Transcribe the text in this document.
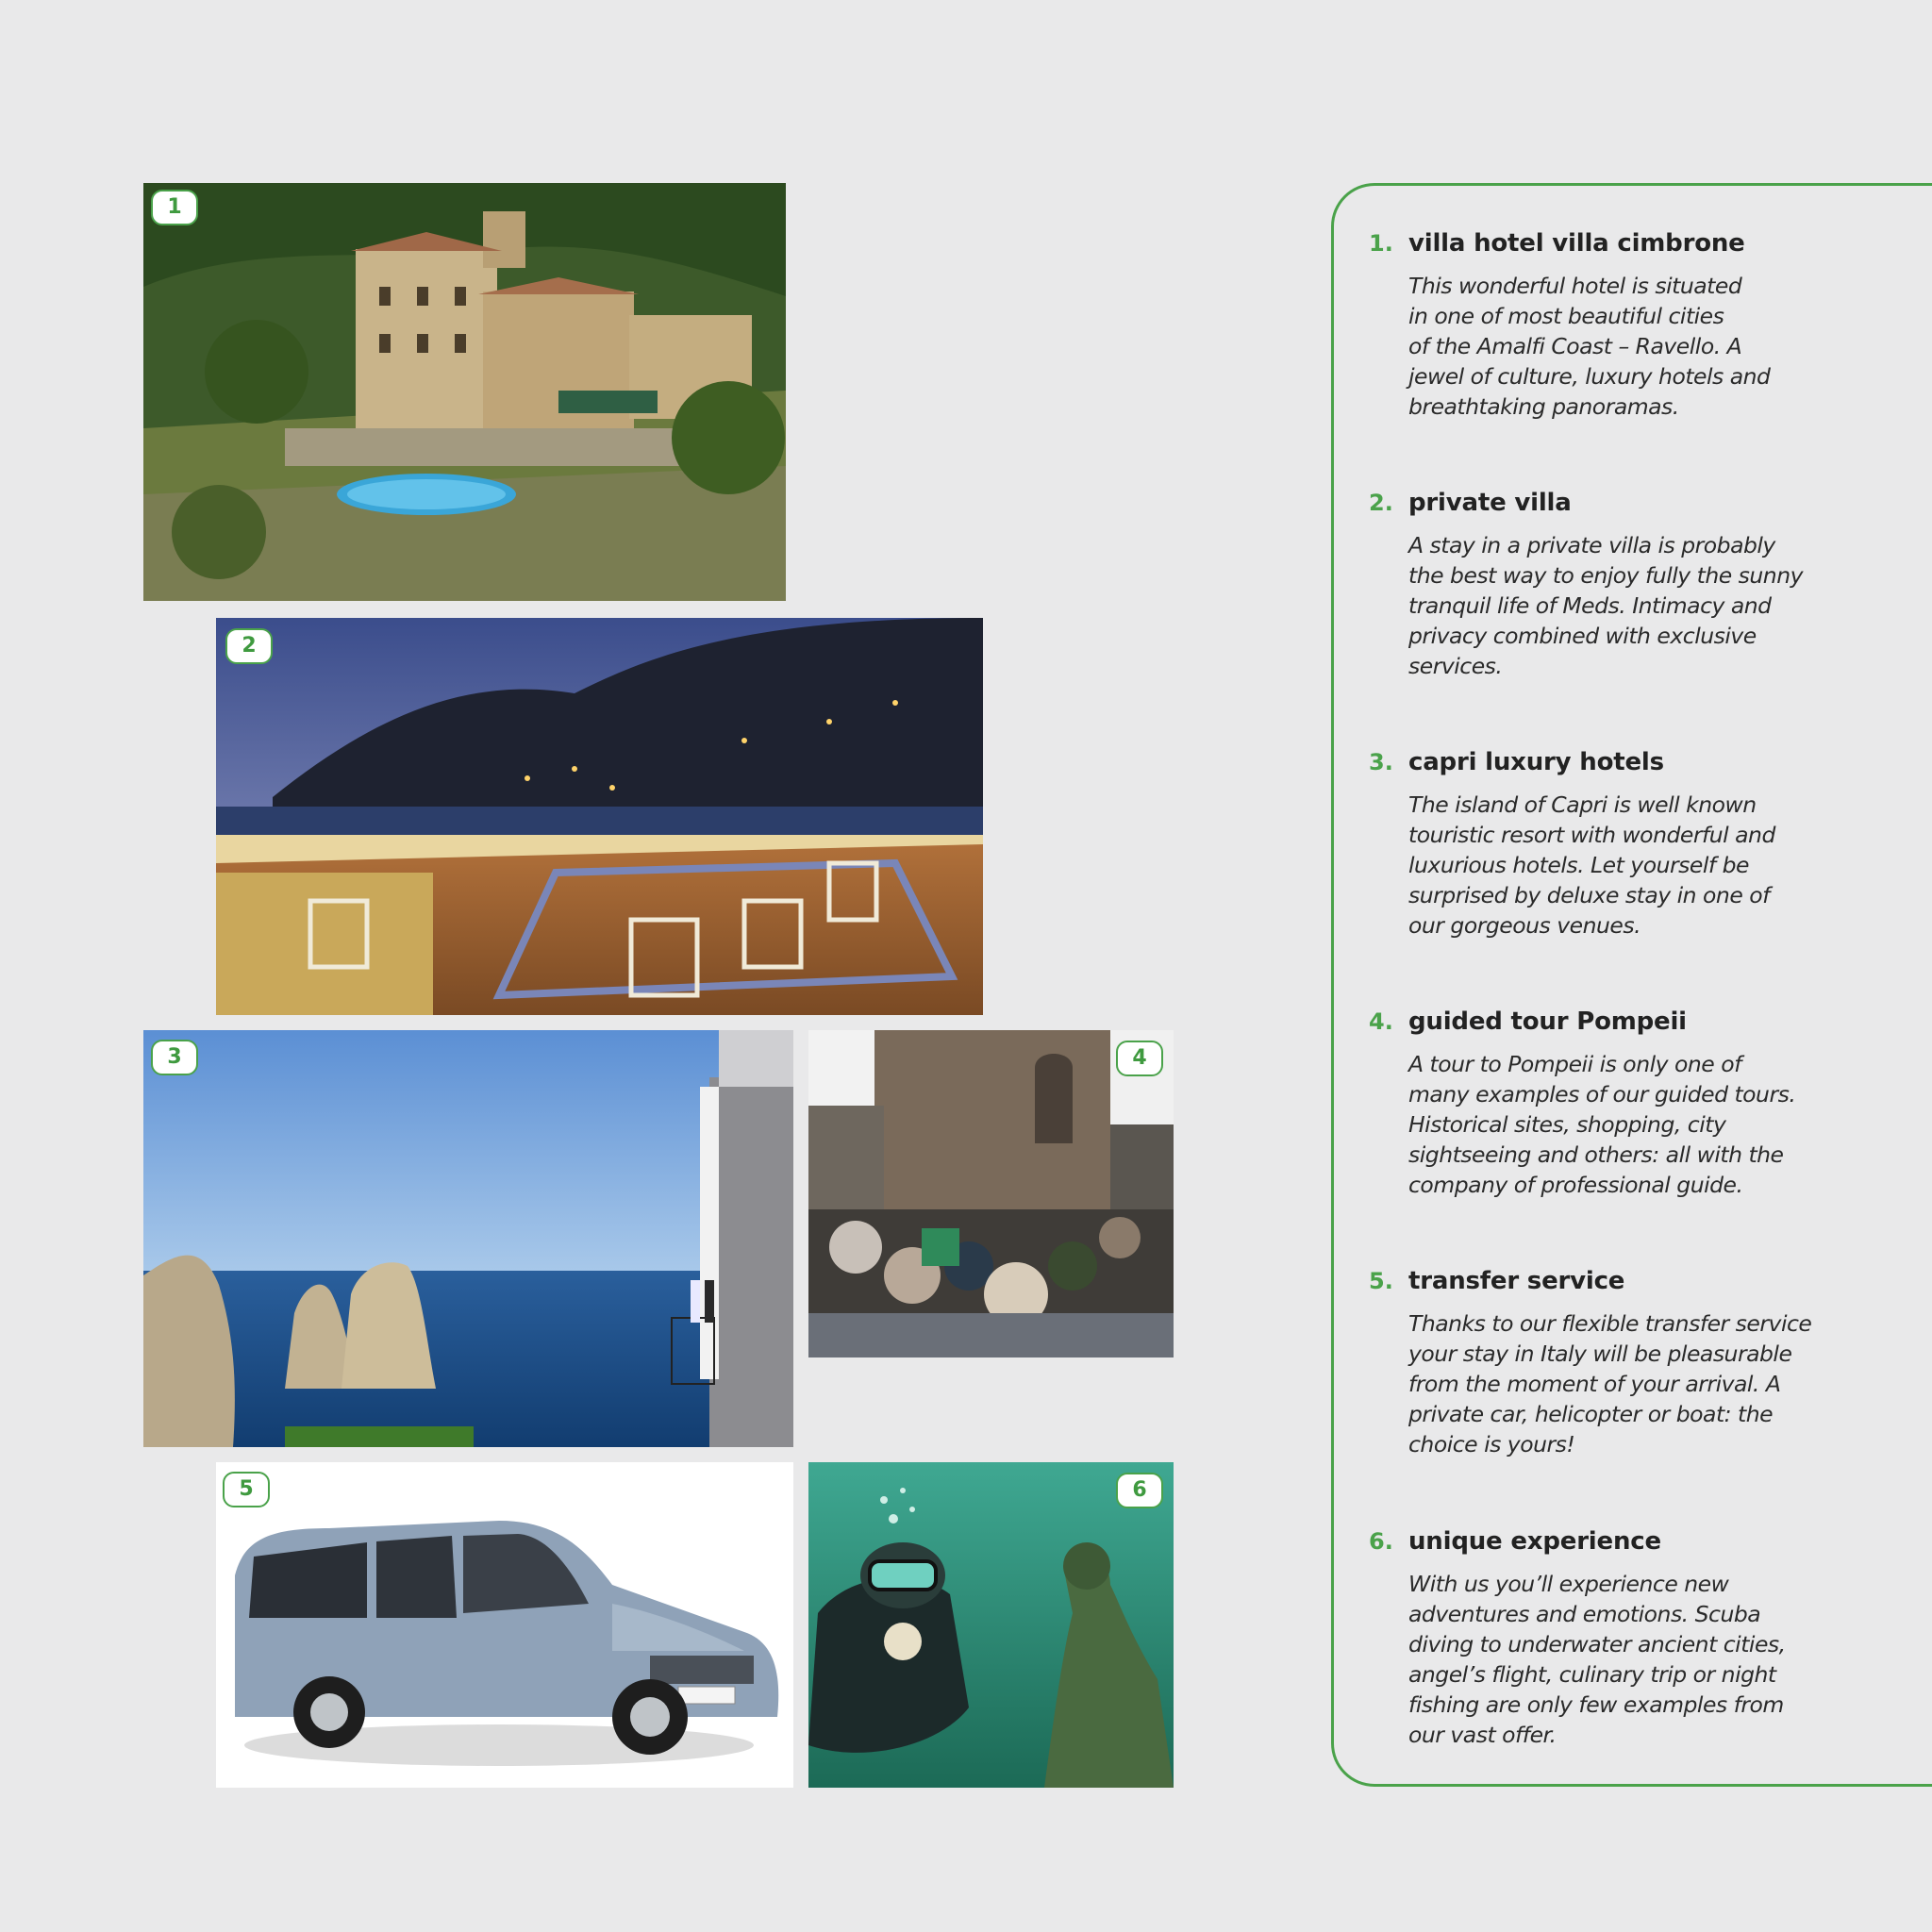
1
2
3	4
5	6
1. villa hotel villa cimbrone
This wonderful hotel is situated
in one of most beautiful cities
of the Amalfi Coast – Ravello. A
jewel of culture, luxury hotels and
breathtaking panoramas.
2. private villa
A stay in a private villa is probably
the best way to enjoy fully the sunny
tranquil life of Meds. Intimacy and
privacy combined with exclusive
services.
3. capri luxury hotels
The island of Capri is well known
touristic resort with wonderful and
luxurious hotels. Let yourself be
surprised by deluxe stay in one of
our gorgeous venues.
4. guided tour Pompeii
A tour to Pompeii is only one of
many examples of our guided tours.
Historical sites, shopping, city
sightseeing and others: all with the
company of professional guide.
5. transfer service
Thanks to our flexible transfer service
your stay in Italy will be pleasurable
from the moment of your arrival. A
private car, helicopter or boat: the
choice is yours!
6. unique experience
With us you’ll experience new
adventures and emotions. Scuba
diving to underwater ancient cities,
angel’s flight, culinary trip or night
fishing are only few examples from
our vast offer.
